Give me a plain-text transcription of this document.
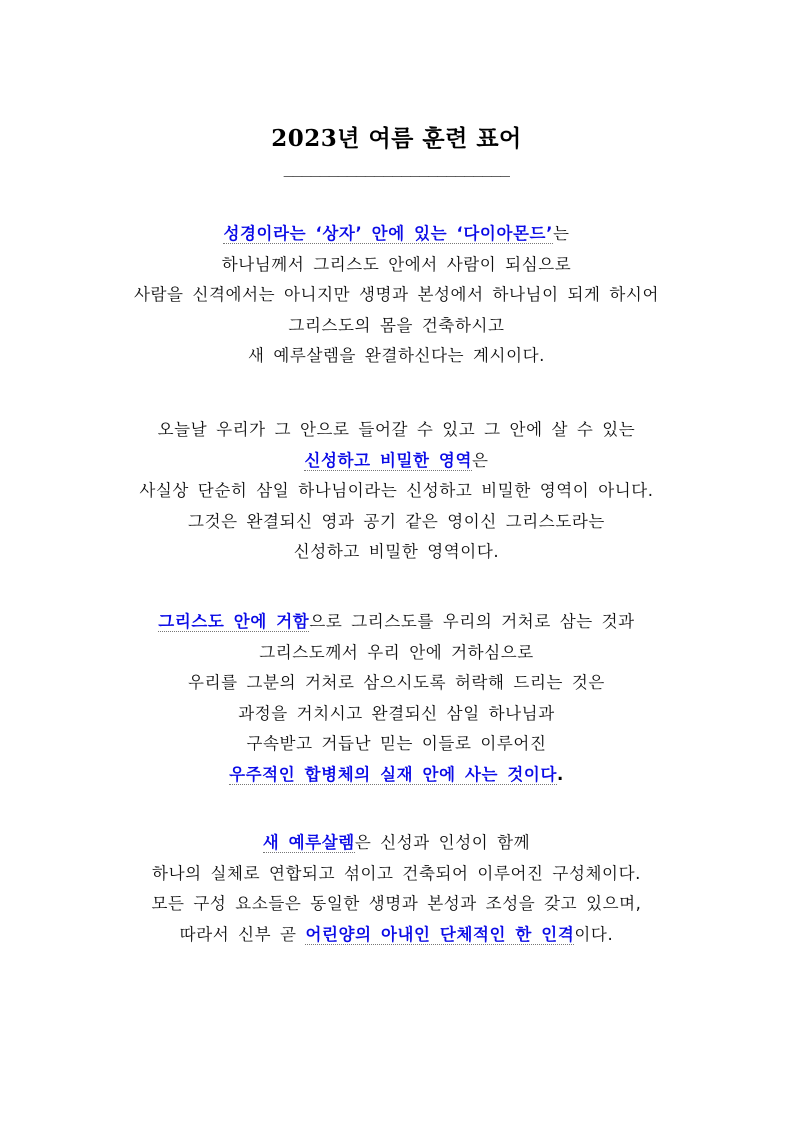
2023년 여름 훈련 표어
_________________________
성경이라는 ‘상자’ 안에 있는 ‘다이아몬드’는
하나님께서 그리스도 안에서 사람이 되심으로
사람을 신격에서는 아니지만 생명과 본성에서 하나님이 되게 하시어
그리스도의 몸을 건축하시고
새 예루살렘을 완결하신다는 계시이다.
오늘날 우리가 그 안으로 들어갈 수 있고 그 안에 살 수 있는
신성하고 비밀한 영역은
사실상 단순히 삼일 하나님이라는 신성하고 비밀한 영역이 아니다.
그것은 완결되신 영과 공기 같은 영이신 그리스도라는
신성하고 비밀한 영역이다.
그리스도 안에 거함으로 그리스도를 우리의 거처로 삼는 것과
그리스도께서 우리 안에 거하심으로
우리를 그분의 거처로 삼으시도록 허락해 드리는 것은
과정을 거치시고 완결되신 삼일 하나님과
구속받고 거듭난 믿는 이들로 이루어진
우주적인 합병체의 실재 안에 사는 것이다.
새 예루살렘은 신성과 인성이 함께
하나의 실체로 연합되고 섞이고 건축되어 이루어진 구성체이다.
모든 구성 요소들은 동일한 생명과 본성과 조성을 갖고 있으며,
따라서 신부 곧 어린양의 아내인 단체적인 한 인격이다.
